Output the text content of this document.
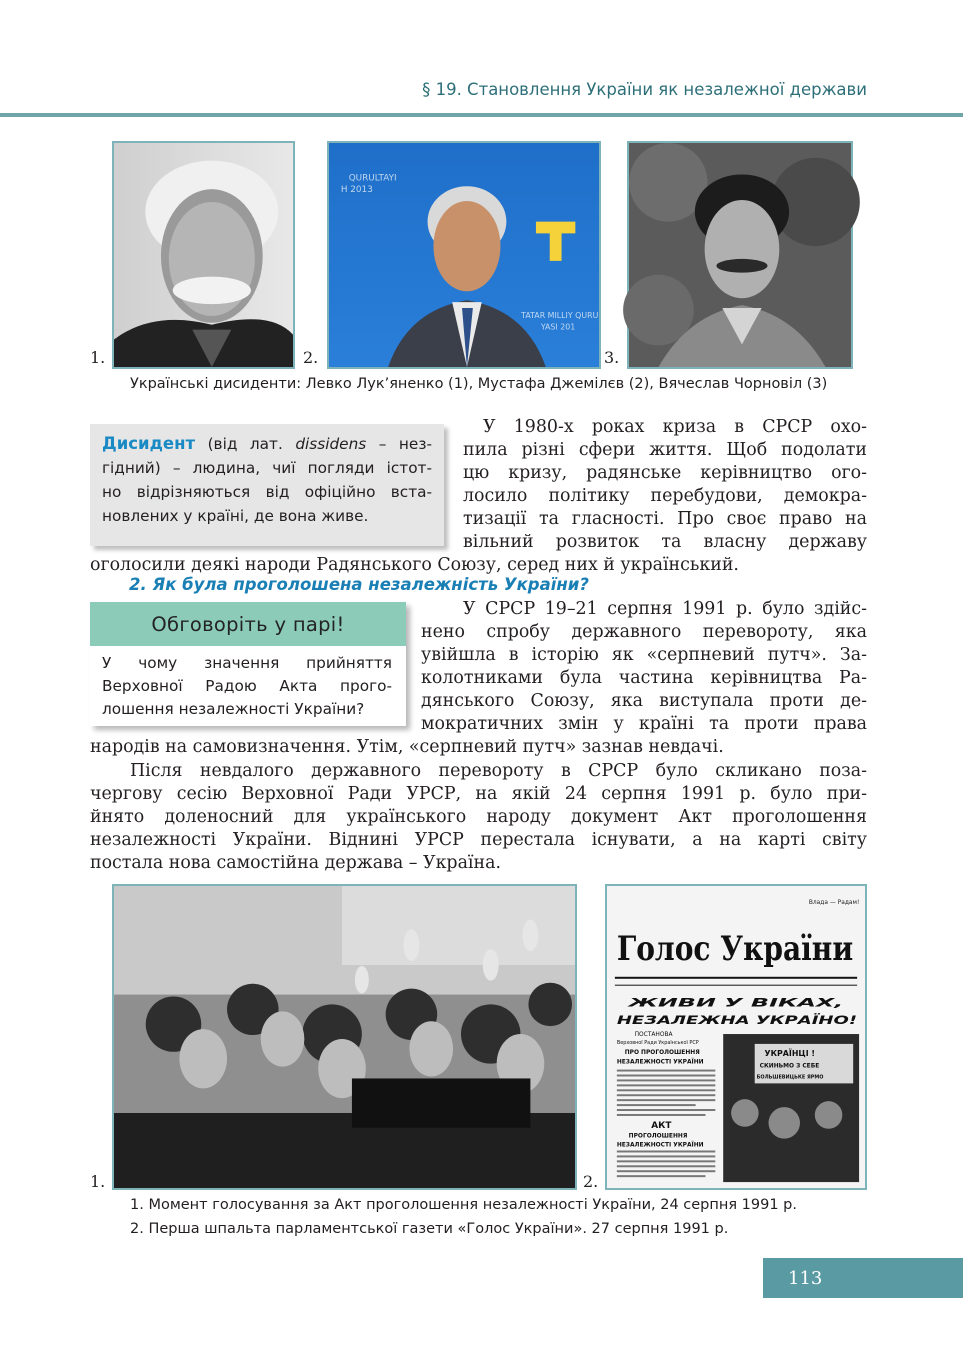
§ 19. Становлення України як незалежної держави
1.	2.
QURULTAYI
H 2013
TATAR MILLIY QURU
YASI 201
3.
Українські дисиденти: Левко Лук’яненко (1), Мустафа Джемілєв (2), Вячеслав Чорновіл (3)
Дисидент (від лат. dissidens – нез-
гідний) – людина, чиї погляди істот-
но відрізняються від офіційно вста-
новлених у країні, де вона живе.
У 1980-х роках криза в СРСР охо-
пила різні сфери життя. Щоб подолати
цю кризу, радянське керівництво ого-
лосило політику перебудови, демокра-
тизації та гласності. Про своє право на
вільний розвиток та власну державу
оголосили деякі народи Радянського Союзу, серед них й український.
2. Як була проголошена незалежність України?
Обговоріть у парі!
У чому значення прийняття
Верховної Радою Акта прого-
лошення незалежності України?
У СРСР 19–21 серпня 1991 р. було здійс-
нено спробу державного перевороту, яка
увійшла в історію як «серпневий путч». За-
колотниками була частина керівництва Ра-
дянського Союзу, яка виступала проти де-
мократичних змін у країні та проти права
народів на самовизначення. Утім, «серпневий путч» зазнав невдачі.
Після невдалого державного перевороту в СРСР було скликано поза-
чергову сесію Верховної Ради УРСР, на якій 24 серпня 1991 р. було при-
йнято доленосний для українського народу документ Акт проголошення
незалежності України. Віднині УРСР перестала існувати, а на карті світу
постала нова самостійна держава – Україна.
1.	2.
Влада — Радам!
Голос України
ЖИВИ У ВІКАХ,
НЕЗАЛЕЖНА УКРАЇНО!
ПОСТАНОВА
Верховної Ради Української РСР
ПРО ПРОГОЛОШЕННЯ
НЕЗАЛЕЖНОСТІ УКРАЇНИ
АКТ
ПРОГОЛОШЕННЯ
НЕЗАЛЕЖНОСТІ УКРАЇНИ
УКРАЇНЦІ !
СКИНЬМО З СЕБЕ
БОЛЬШЕВИЦЬКЕ ЯРМО
1. Момент голосування за Акт проголошення незалежності України, 24 серпня 1991 р.
2. Перша шпальта парламентської газети «Голос України». 27 серпня 1991 р.
113
